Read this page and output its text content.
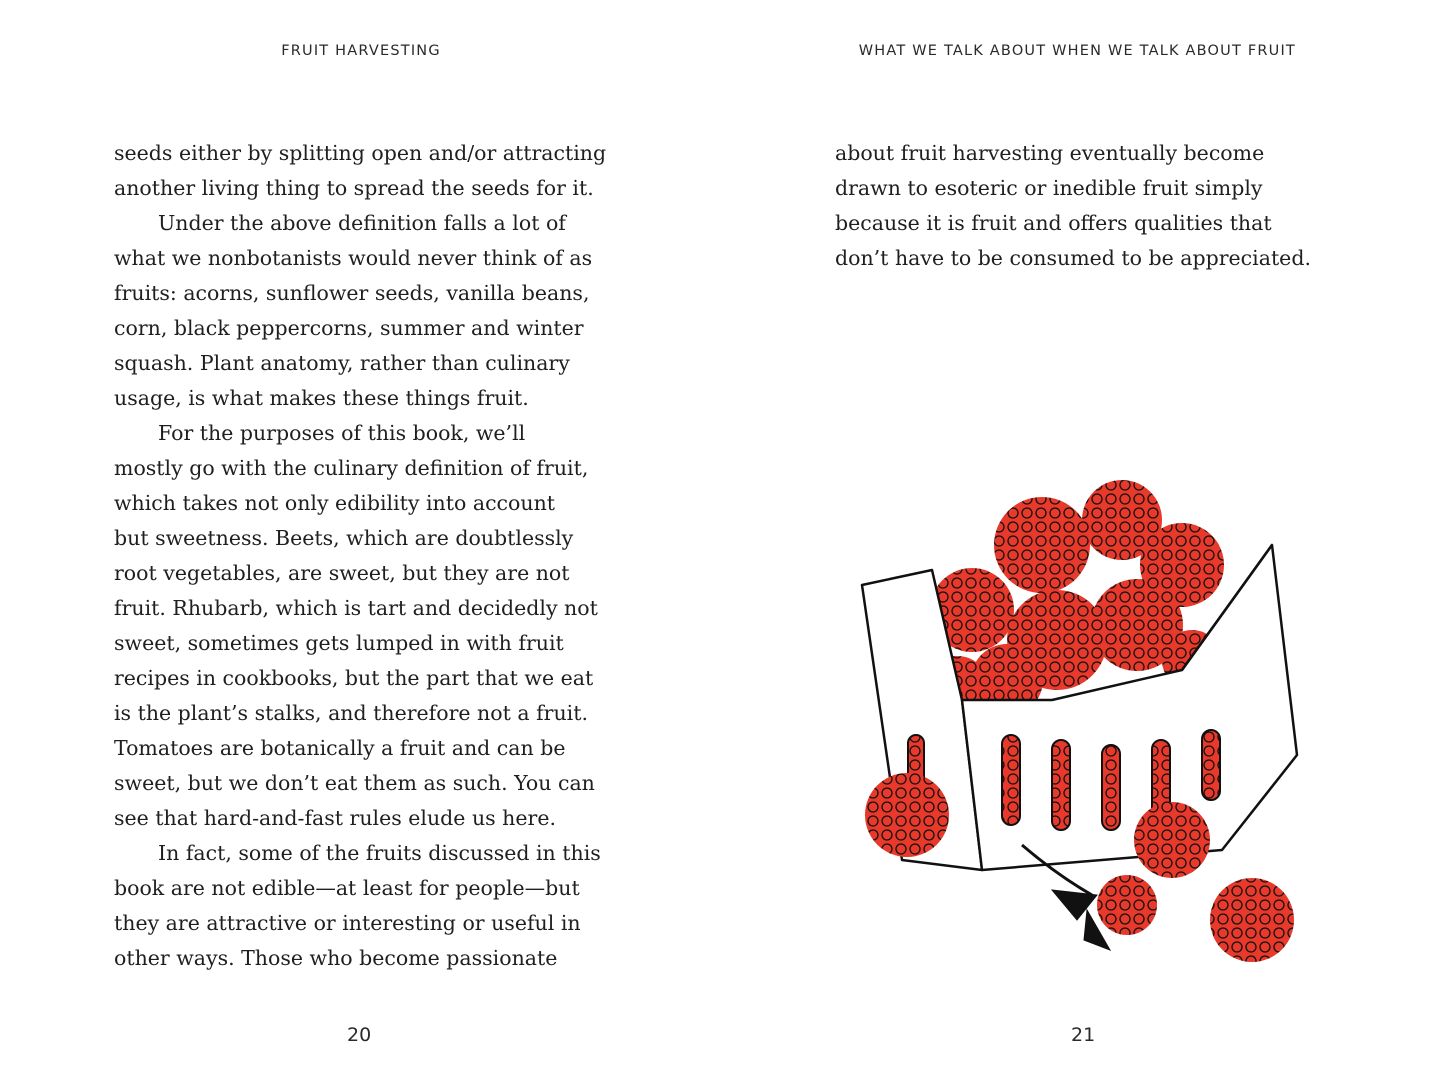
FRUIT HARVESTING
seeds either by splitting open and/or attracting
another living thing to spread the seeds for it.
Under the above definition falls a lot of
what we nonbotanists would never think of as
fruits: acorns, sunflower seeds, vanilla beans,
corn, black peppercorns, summer and winter
squash. Plant anatomy, rather than culinary
usage, is what makes these things fruit.
For the purposes of this book, we’ll
mostly go with the culinary definition of fruit,
which takes not only edibility into account
but sweetness. Beets, which are doubtlessly
root vegetables, are sweet, but they are not
fruit. Rhubarb, which is tart and decidedly not
sweet, sometimes gets lumped in with fruit
recipes in cookbooks, but the part that we eat
is the plant’s stalks, and therefore not a fruit.
Tomatoes are botanically a fruit and can be
sweet, but we don’t eat them as such. You can
see that hard-and-fast rules elude us here.
In fact, some of the fruits discussed in this
book are not edible—at least for people—but
they are attractive or interesting or useful in
other ways. Those who become passionate
20
WHAT WE TALK ABOUT WHEN WE TALK ABOUT FRUIT
about fruit harvesting eventually become
drawn to esoteric or inedible fruit simply
because it is fruit and offers qualities that
don’t have to be consumed to be appreciated.
21
